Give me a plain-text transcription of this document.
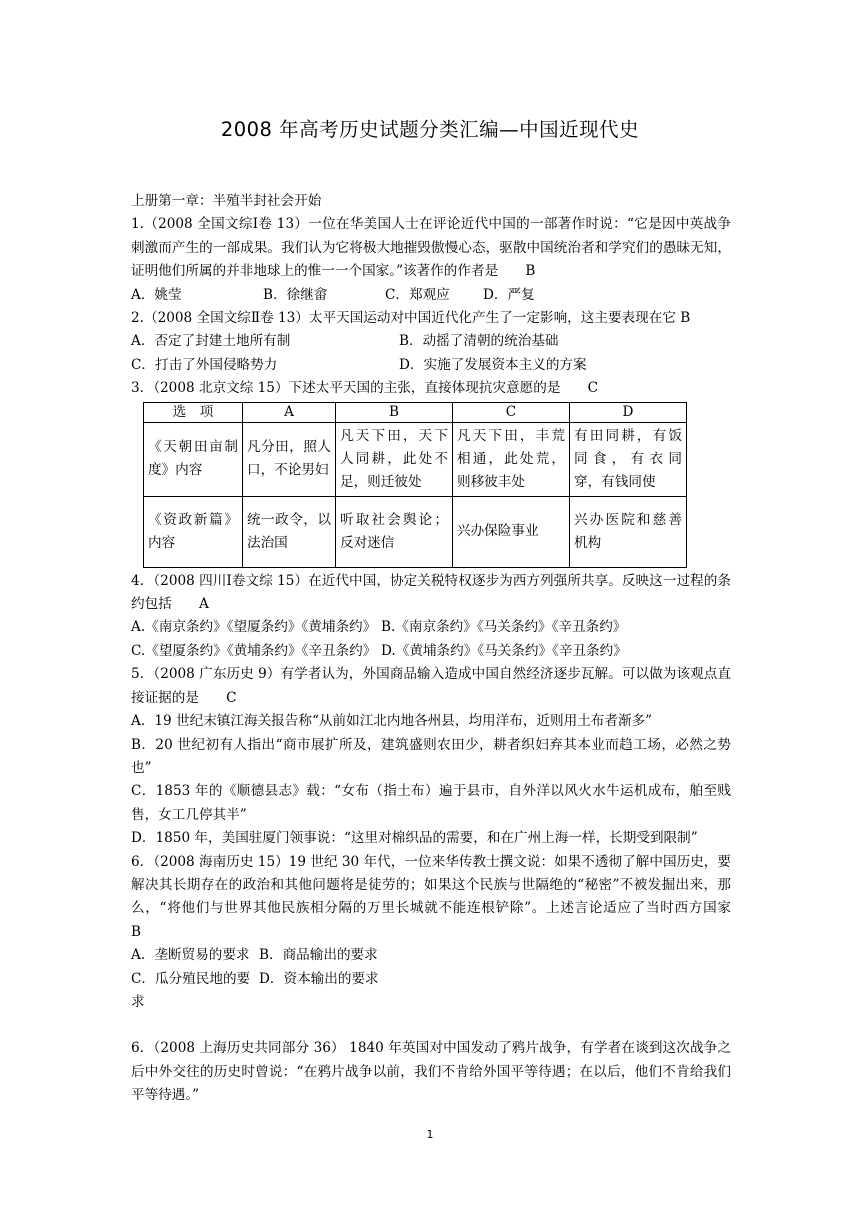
2008 年高考历史试题分类汇编—中国近现代史

上册第一章：半殖半封社会开始

1.（2008 全国文综Ⅰ卷 13）一位在华美国人士在评论近代中国的一部著作时说：“它是因中英战争刺激而产生的一部成果。我们认为它将极大地摧毁傲慢心态，驱散中国统治者和学究们的愚昧无知，证明他们所属的并非地球上的惟一一个国家。”该著作的作者是　　 B

A．姚莹	B．徐继畲	C．郑观应	D．严复

2.（2008 全国文综Ⅱ卷 13）太平天国运动对中国近代化产生了一定影响，这主要表现在它 B

A．否定了封建土地所有制	B．动摇了清朝的统治基础
C．打击了外国侵略势力	D．实施了发展资本主义的方案

3．（2008 北京文综 15）下述太平天国的主张，直接体现抗灾意愿的是　　 C

选　项	A	B	C	D
《天朝田亩制度》内容	凡分田，照人口，不论男妇	凡天下田，天下人同耕，此处不足，则迁彼处	凡天下田，丰荒相通，此处荒，则移彼丰处	有田同耕，有饭同食，有衣同穿，有钱同使
《资政新篇》内容	统一政令，以法治国	听取社会舆论；反对迷信	兴办保险事业	兴办医院和慈善机构

4．（2008 四川Ⅰ卷文综 15）在近代中国，协定关税特权逐步为西方列强所共享。反映这一过程的条约包括　　 A

A.《南京条约》《望厦条约》《黄埔条约》 B.《南京条约》《马关条约》《辛丑条约》
C.《望厦条约》《黄埔条约》《辛丑条约》 D.《黄埔条约》《马关条约》《辛丑条约》

5．（2008 广东历史 9）有学者认为，外国商品输入造成中国自然经济逐步瓦解。可以做为该观点直接证据的是　　 C

A．19 世纪末镇江海关报告称“从前如江北内地各州县，均用洋布，近则用土布者渐多”

B．20 世纪初有人指出“商市展扩所及，建筑盛则农田少，耕者织妇弃其本业而趋工场，必然之势也”

C．1853 年的《顺德县志》载：“女布（指土布）遍于县市，自外洋以风火水牛运机成布，舶至贱售，女工几停其半”

D．1850 年，美国驻厦门领事说：“这里对棉织品的需要，和在广州上海一样，长期受到限制”

6．（2008 海南历史 15）19 世纪 30 年代，一位来华传教士撰文说：如果不透彻了解中国历史，要解决其长期存在的政治和其他问题将是徒劳的；如果这个民族与世隔绝的“秘密”不被发掘出来，那么，“将他们与世界其他民族相分隔的万里长城就不能连根铲除”。上述言论适应了当时西方国家　　B

A．垄断贸易的要求 B．商品输出的要求
C．瓜分殖民地的要求
D．资本输出的要求

6．（2008 上海历史共同部分 36） 1840 年英国对中国发动了鸦片战争，有学者在谈到这次战争之后中外交往的历史时曾说：“在鸦片战争以前，我们不肯给外国平等待遇；在以后，他们不肯给我们平等待遇。”

1
